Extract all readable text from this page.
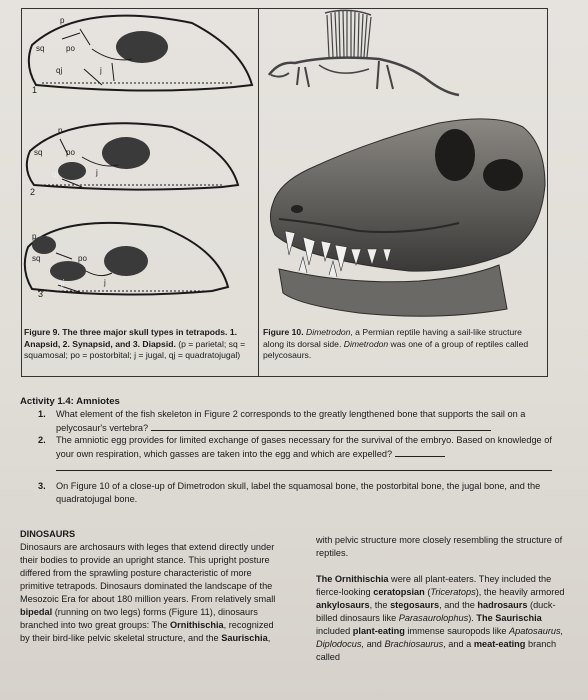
p
sq	po
qj	j
1
p
sq	po
qj	j
2
p
sq	po
qj	j
3
Figure 9. The three major skull types in tetrapods. 1. Anapsid, 2. Synapsid, and 3. Diapsid. (p = parietal; sq = squamosal; po = postorbital; j = jugal, qj = quadratojugal)
Figure 10. Dimetrodon, a Permian reptile having a sail-like structure along its dorsal side. Dimetrodon was one of a group of reptiles called pelycosaurs.
Activity 1.4: Amniotes
1. What element of the fish skeleton in Figure 2 corresponds to the greatly lengthened bone that supports the sail on a pelycosaur's vertebra?
2. The amniotic egg provides for limited exchange of gases necessary for the survival of the embryo. Based on knowledge of your own respiration, which gasses are taken into the egg and which are expelled?
3. On Figure 10 of a close-up of Dimetrodon skull, label the squamosal bone, the postorbital bone, the jugal bone, and the quadratojugal bone.
DINOSAURS
Dinosaurs are archosaurs with leges that extend directly under their bodies to provide an upright stance. This upright posture differed from the sprawling posture characteristic of more primitive tetrapods. Dinosaurs dominated the landscape of the Mesozoic Era for about 180 million years. From relatively small bipedal (running on two legs) forms (Figure 11), dinosaurs branched into two great groups: The Ornithischia, recognized by their bird-like pelvic skeletal structure, and the Saurischia,
with pelvic structure more closely resembling the structure of reptiles.
The Ornithischia were all plant-eaters. They included the fierce-looking ceratopsian (Triceratops), the heavily armored ankylosaurs, the stegosaurs, and the hadrosaurs (duck-billed dinosaurs like Parasaurolophus). The Saurischia included plant-eating immense sauropods like Apatosaurus, Diplodocus, and Brachiosaurus, and a meat-eating branch called
